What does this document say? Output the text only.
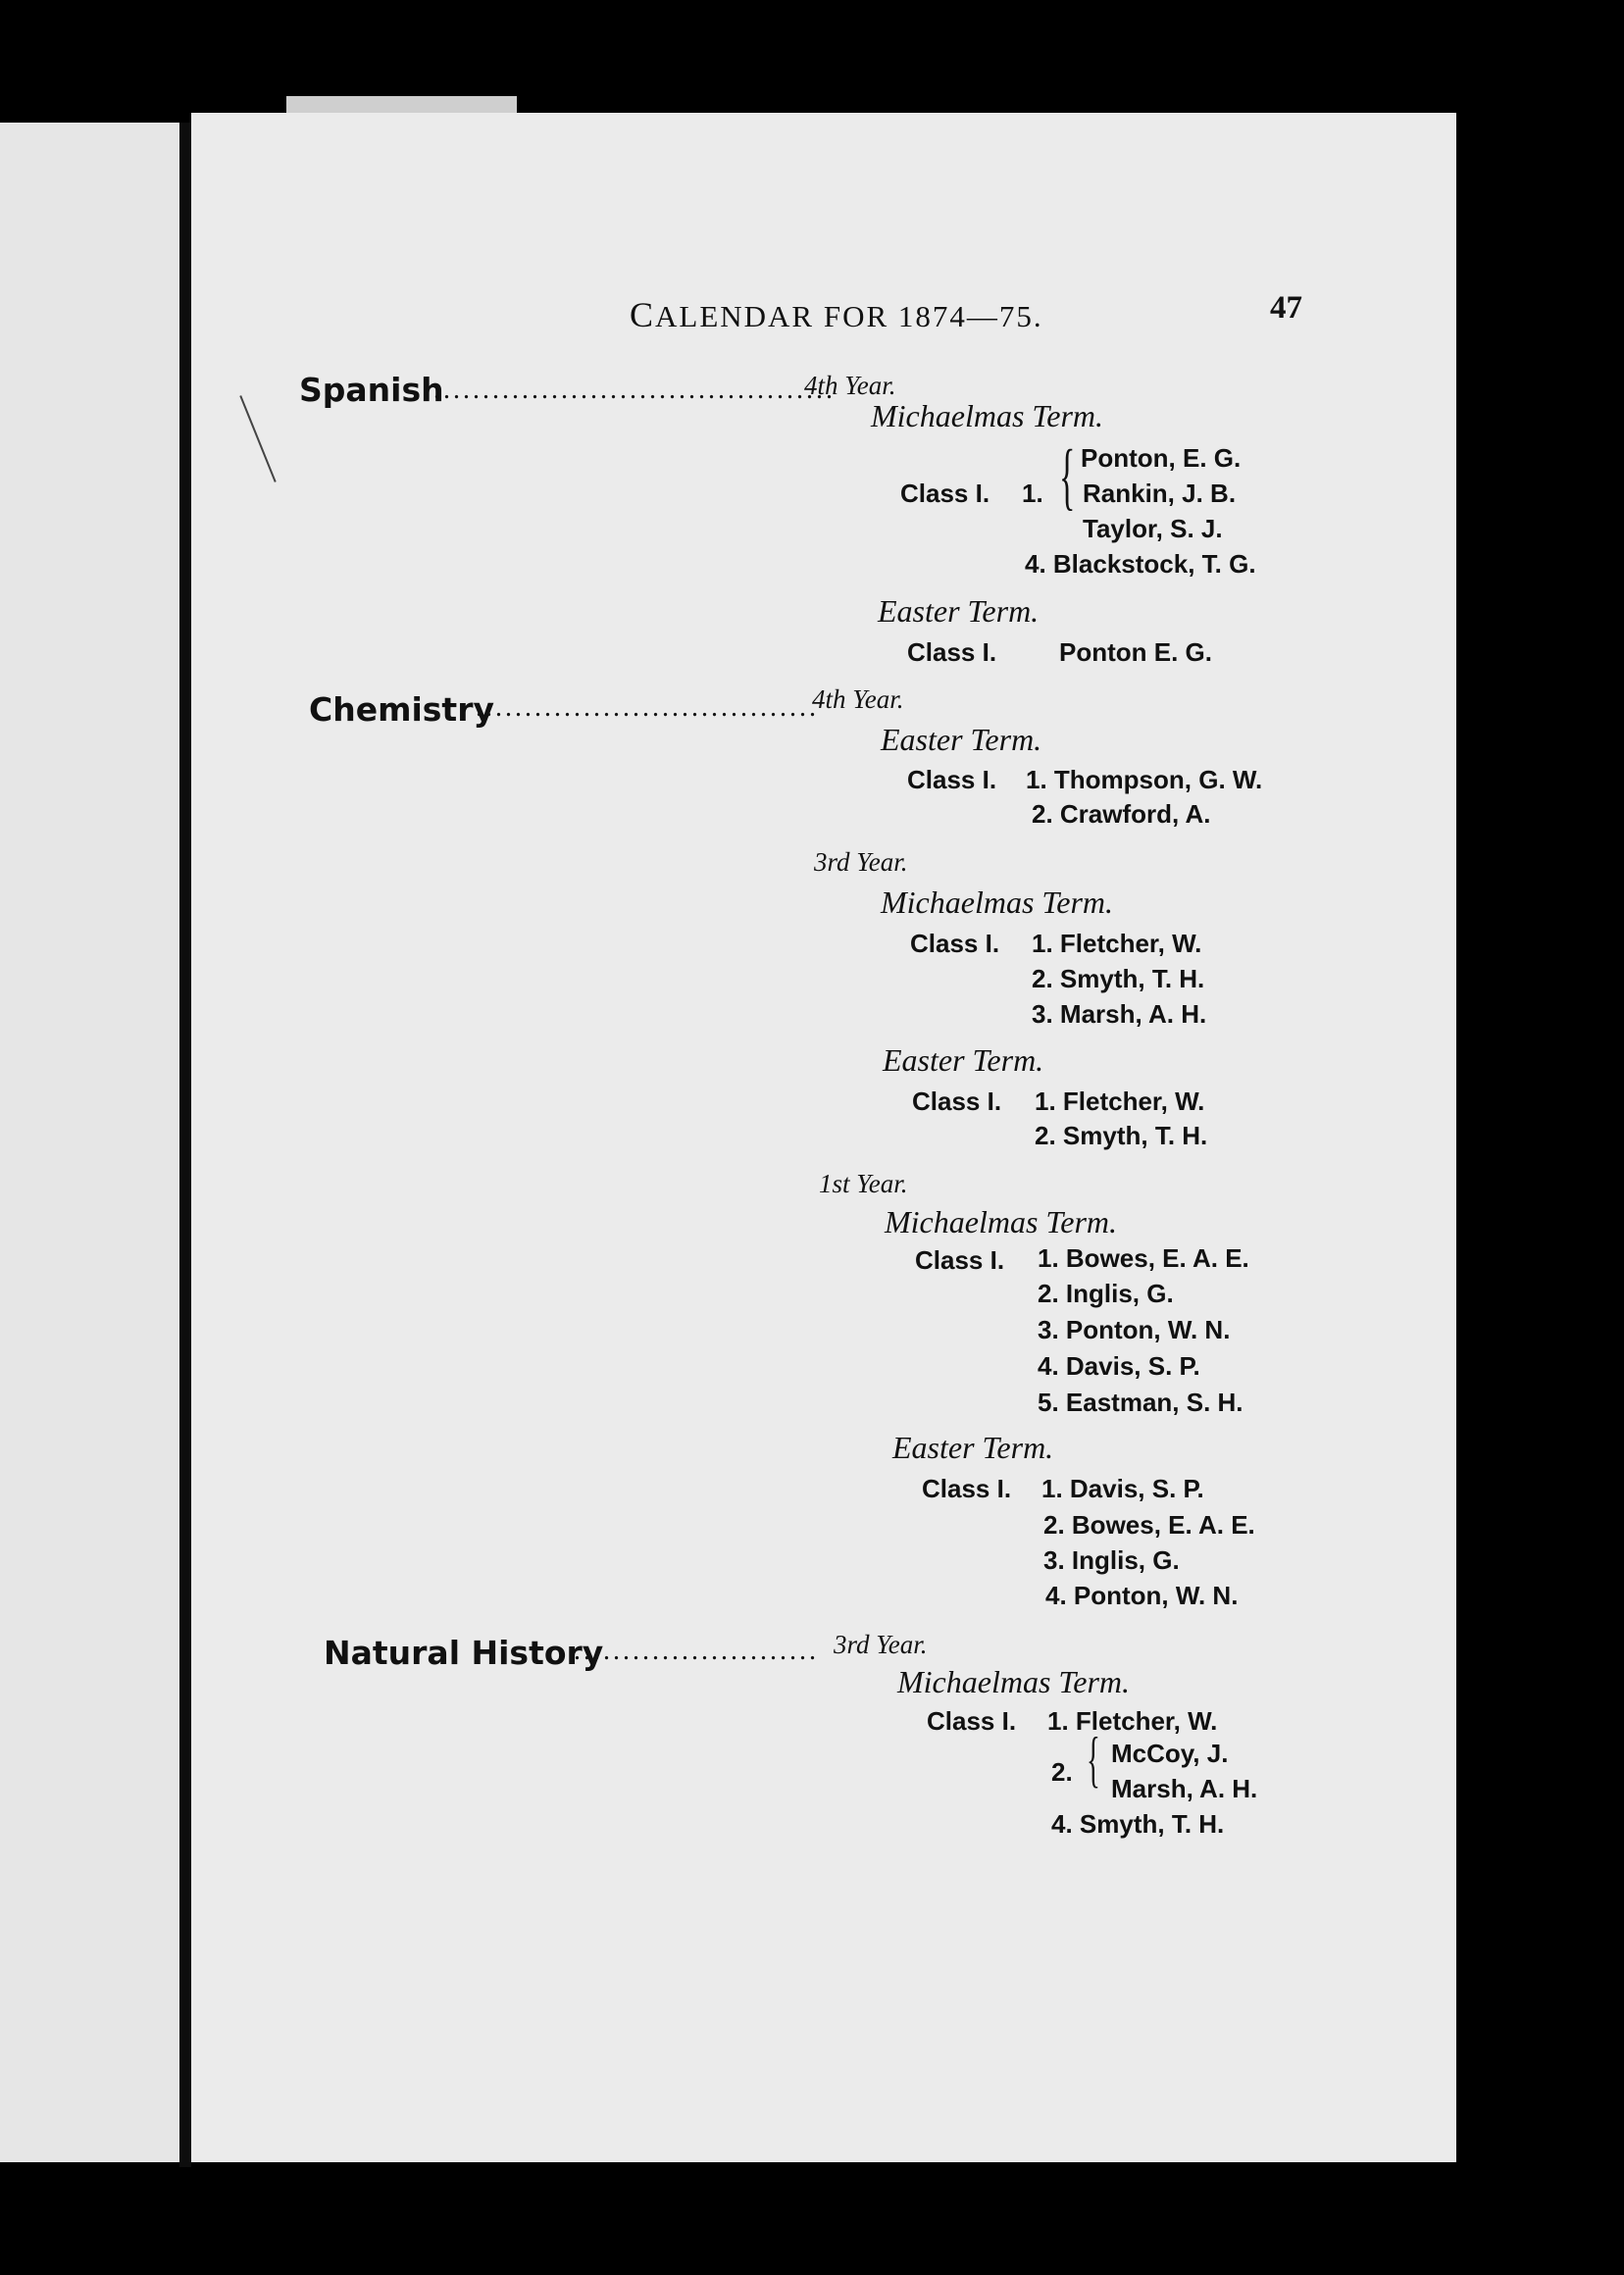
CALENDAR FOR 1874—75.	47
Spanish
.........................................
4th Year.
Michaelmas Term.
Class I. 1. { Ponton, E. G.
Rankin, J. B.
Taylor, S. J.
4. Blackstock, T. G.
Easter Term.
Class I. Ponton E. G.
Chemistry
...................................
4th Year.
Easter Term.
Class I. 1. Thompson, G. W.
2. Crawford, A.
3rd Year.
Michaelmas Term.
Class I. 1. Fletcher, W.
2. Smyth, T. H.
3. Marsh, A. H.
Easter Term.
Class I. 1. Fletcher, W.
2. Smyth, T. H.
1st Year.
Michaelmas Term.
Class I. 1. Bowes, E. A. E.
2. Inglis, G.
3. Ponton, W. N.
4. Davis, S. P.
5. Eastman, S. H.
Easter Term.
Class I. 1. Davis, S. P.
2. Bowes, E. A. E.
3. Inglis, G.
4. Ponton, W. N.
Natural History
......................... 3rd Year.
Michaelmas Term.
Class I. 1. Fletcher, W.
2. { McCoy, J.
Marsh, A. H.
4. Smyth, T. H.
